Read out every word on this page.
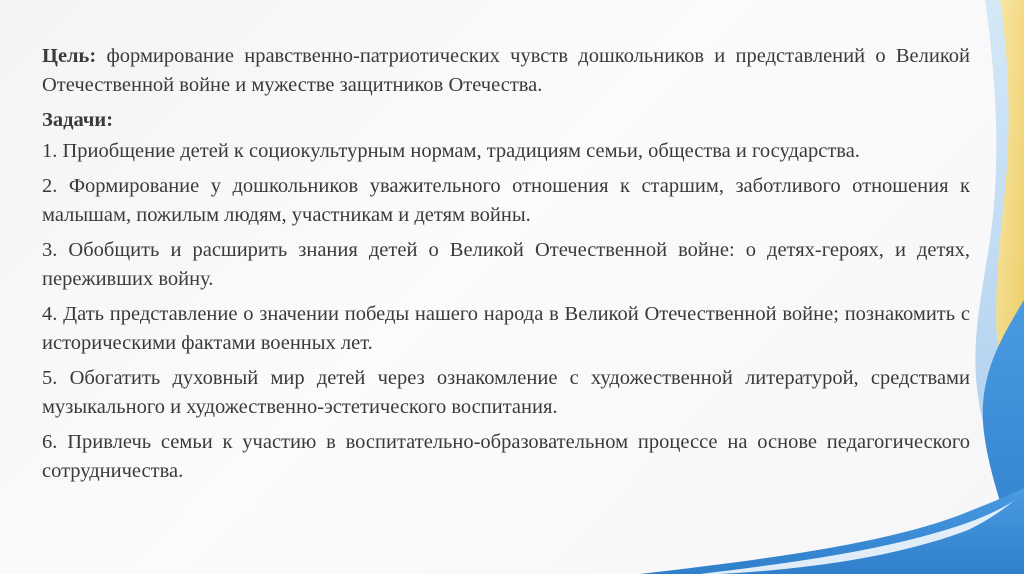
Цель: формирование нравственно-патриотических чувств дошкольников и представлений о Великой Отечественной войне и мужестве защитников Отечества.

Задачи:

1. Приобщение детей к социокультурным нормам, традициям семьи, общества и государства.

2. Формирование у дошкольников уважительного отношения к старшим, заботливого отношения к малышам, пожилым людям, участникам и детям войны.

3. Обобщить и расширить знания детей о Великой Отечественной войне: о детях-героях, и детях, переживших войну.

4. Дать представление о значении победы нашего народа в Великой Отечественной войне; познакомить с историческими фактами военных лет.

5. Обогатить духовный мир детей через ознакомление с художественной литературой, средствами музыкального и художественно-эстетического воспитания.

6. Привлечь семьи к участию в воспитательно-образовательном процессе на основе педагогического сотрудничества.
